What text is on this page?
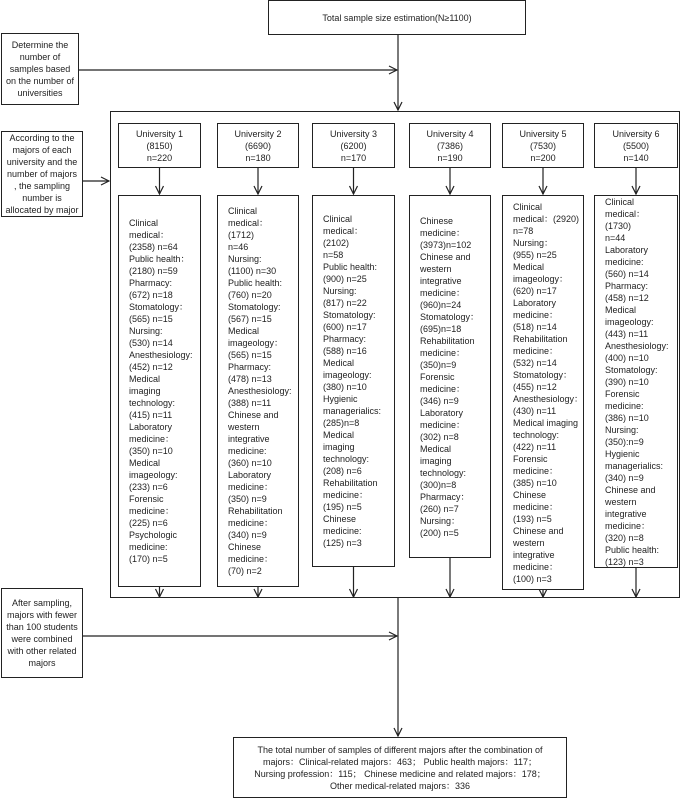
Total sample size estimation(N≥1100)
Determine the number of samples based on the number of universities
According to the majors of each university and the number of majors , the sampling number is allocated by major
After sampling, majors with fewer than 100 students were combined with other related majors
University 1
(8150)
n=220
Clinical
medical：
(2358) n=64
Public health：
(2180) n=59
Pharmacy:
(672) n=18
Stomatology：
(565) n=15
Nursing:
(530) n=14
Anesthesiology:
(452) n=12
Medical imaging
technology:
(415) n=11
Laboratory
medicine：
(350) n=10
Medical
imageology:
(233) n=6
Forensic
medicine：
(225) n=6
Psychologic
medicine:
(170) n=5
University 2
(6690)
n=180
Clinical
medical：(1712)
n=46
Nursing:
(1100) n=30
Public health:
(760) n=20
Stomatology:
(567) n=15
Medical
imageology：
(565) n=15
Pharmacy:
(478) n=13
Anesthesiology:
(388) n=11
Chinese and
western
integrative
medicine:
(360) n=10
Laboratory
medicine：
(350) n=9
Rehabilitation
medicine：
(340) n=9
Chinese
medicine：
(70) n=2
University 3
(6200)
n=170
Clinical
medical：(2102)
n=58
Public health:
(900) n=25
Nursing:
(817) n=22
Stomatology:
(600) n=17
Pharmacy:
(588) n=16
Medical
imageology:
(380) n=10
Hygienic
managerialics:
(285)n=8
Medical imaging
technology:
(208) n=6
Rehabilitation
medicine：
(195) n=5
Chinese
medicine:
(125) n=3
University 4
(7386)
n=190
Chinese
medicine：
(3973)n=102
Chinese and
western
integrative
medicine：
(960)n=24
Stomatology：
(695)n=18
Rehabilitation
medicine：
(350)n=9
Forensic
medicine：
(346) n=9
Laboratory
medicine：
(302) n=8
Medical imaging
technology:
(300)n=8
Pharmacy：
(260) n=7
Nursing：
(200) n=5
University 5
(7530)
n=200
Clinical
medical：(2920)
n=78
Nursing：
(955) n=25
Medical
imageology：
(620) n=17
Laboratory
medicine：
(518) n=14
Rehabilitation
medicine：
(532) n=14
Stomatology：
(455) n=12
Anesthesiology：
(430) n=11
Medical imaging
technology:
(422) n=11
Forensic
medicine：
(385) n=10
Chinese
medicine：
(193) n=5
Chinese and
western
integrative
medicine：
(100) n=3
University 6
(5500)
n=140
Clinical
medical：(1730)
n=44
Laboratory
medicine:
(560) n=14
Pharmacy:
(458) n=12
Medical
imageology:
(443) n=11
Anesthesiology:
(400) n=10
Stomatology:
(390) n=10
Forensic
medicine:
(386) n=10
Nursing:
(350):n=9
Hygienic
managerialics:
(340) n=9
Chinese and
western
integrative
medicine：
(320) n=8
Public health:
(123) n=3
The total number of samples of different majors after the combination of
majors：Clinical-related majors：463； Public health majors：117；
Nursing profession：115； Chinese medicine and related majors：178；
Other medical-related majors：336
